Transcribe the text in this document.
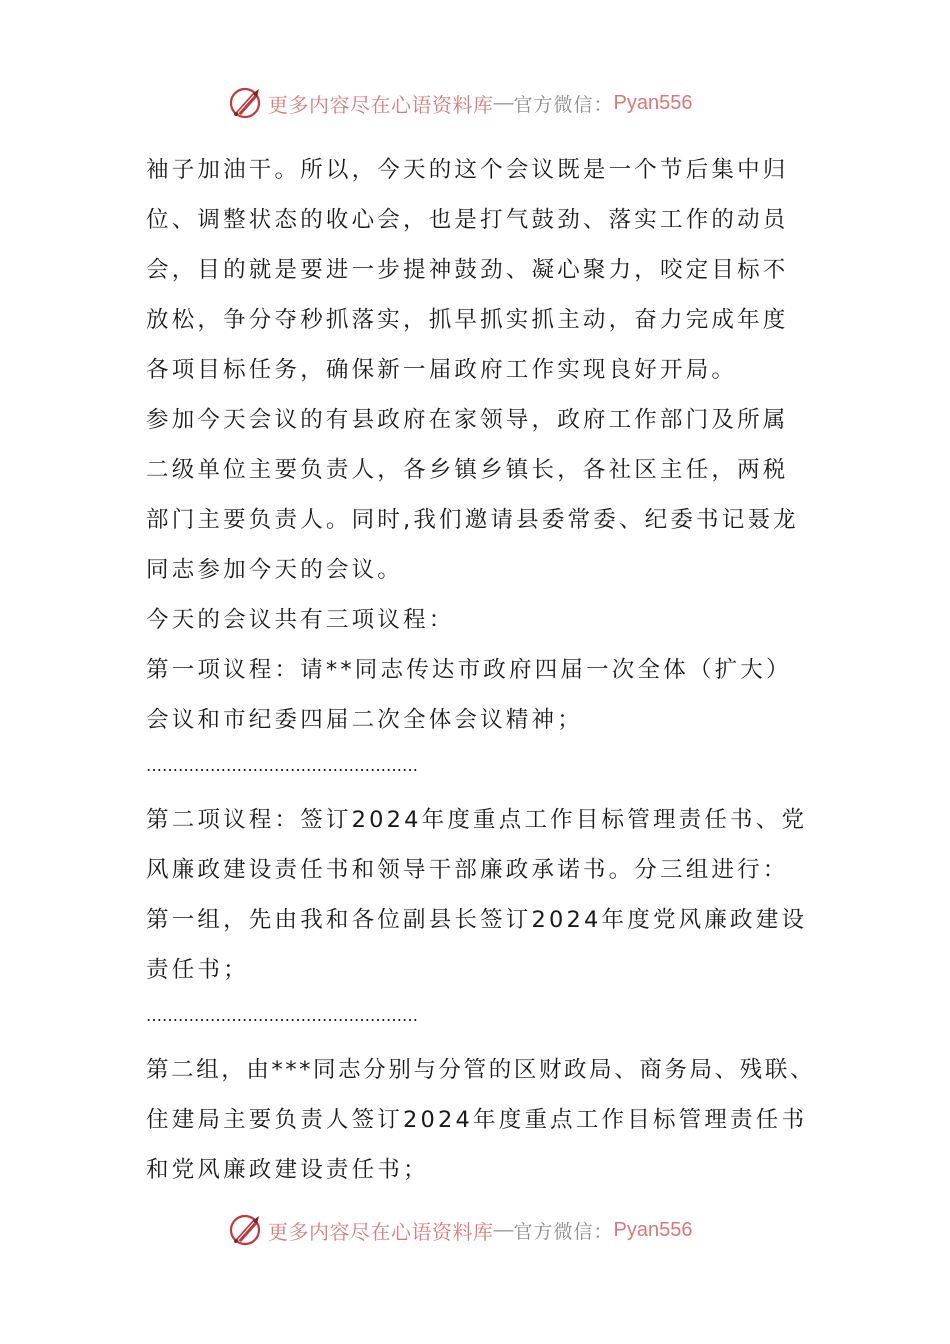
更多内容尽在心语资料库 — 官方微信： Pyan556
袖子加油干。所以，今天的这个会议既是一个节后集中归
位、调整状态的收心会，也是打气鼓劲、落实工作的动员
会，目的就是要进一步提神鼓劲、凝心聚力，咬定目标不
放松，争分夺秒抓落实，抓早抓实抓主动，奋力完成年度
各项目标任务，确保新一届政府工作实现良好开局。
参加今天会议的有县政府在家领导，政府工作部门及所属
二级单位主要负责人，各乡镇乡镇长，各社区主任，两税
部门主要负责人。同时,我们邀请县委常委、纪委书记聂龙
同志参加今天的会议。
今天的会议共有三项议程：
第一项议程：请**同志传达市政府四届一次全体（扩大）
会议和市纪委四届二次全体会议精神；
……………………………………………
第二项议程：签订2024年度重点工作目标管理责任书、党
风廉政建设责任书和领导干部廉政承诺书。分三组进行：
第一组，先由我和各位副县长签订2024年度党风廉政建设
责任书；
……………………………………………
第二组，由***同志分别与分管的区财政局、商务局、残联、
住建局主要负责人签订2024年度重点工作目标管理责任书
和党风廉政建设责任书；
更多内容尽在心语资料库 — 官方微信： Pyan556
